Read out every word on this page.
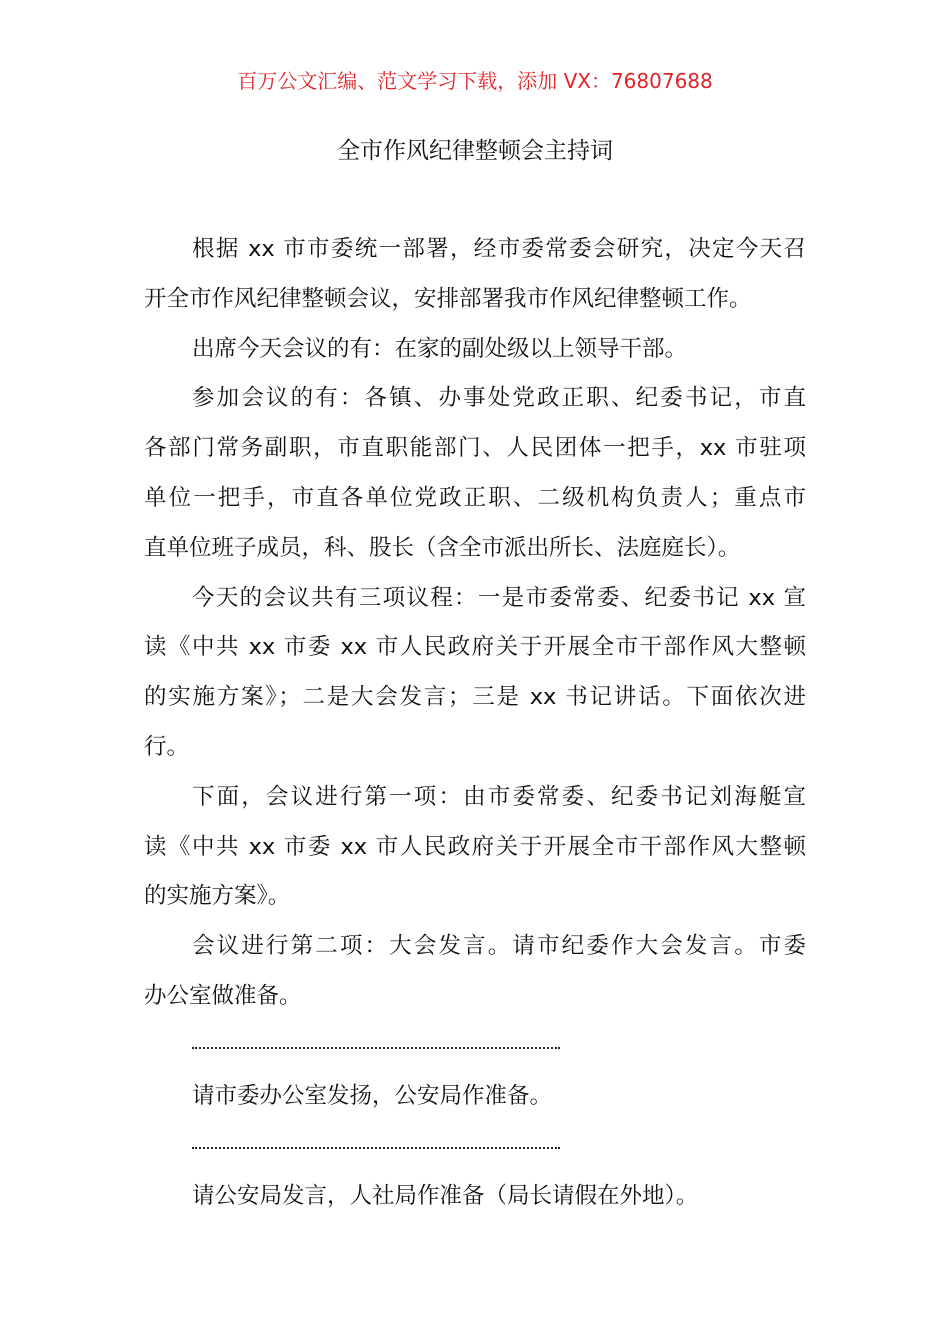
百万公文汇编、范文学习下载，添加 VX：76807688
全市作风纪律整顿会主持词
根据 xx 市市委统一部署，经市委常委会研究，决定今天召
开全市作风纪律整顿会议，安排部署我市作风纪律整顿工作。
出席今天会议的有：在家的副处级以上领导干部。
参加会议的有：各镇、办事处党政正职、纪委书记，市直
各部门常务副职，市直职能部门、人民团体一把手，xx 市驻项
单位一把手，市直各单位党政正职、二级机构负责人；重点市
直单位班子成员，科、股长（含全市派出所长、法庭庭长）。
今天的会议共有三项议程：一是市委常委、纪委书记 xx 宣
读《中共 xx 市委 xx 市人民政府关于开展全市干部作风大整顿
的实施方案》；二是大会发言；三是 xx 书记讲话。下面依次进
行。
下面，会议进行第一项：由市委常委、纪委书记刘海艇宣
读《中共 xx 市委 xx 市人民政府关于开展全市干部作风大整顿
的实施方案》。
会议进行第二项：大会发言。请市纪委作大会发言。市委
办公室做准备。
请市委办公室发扬，公安局作准备。
请公安局发言，人社局作准备（局长请假在外地）。
